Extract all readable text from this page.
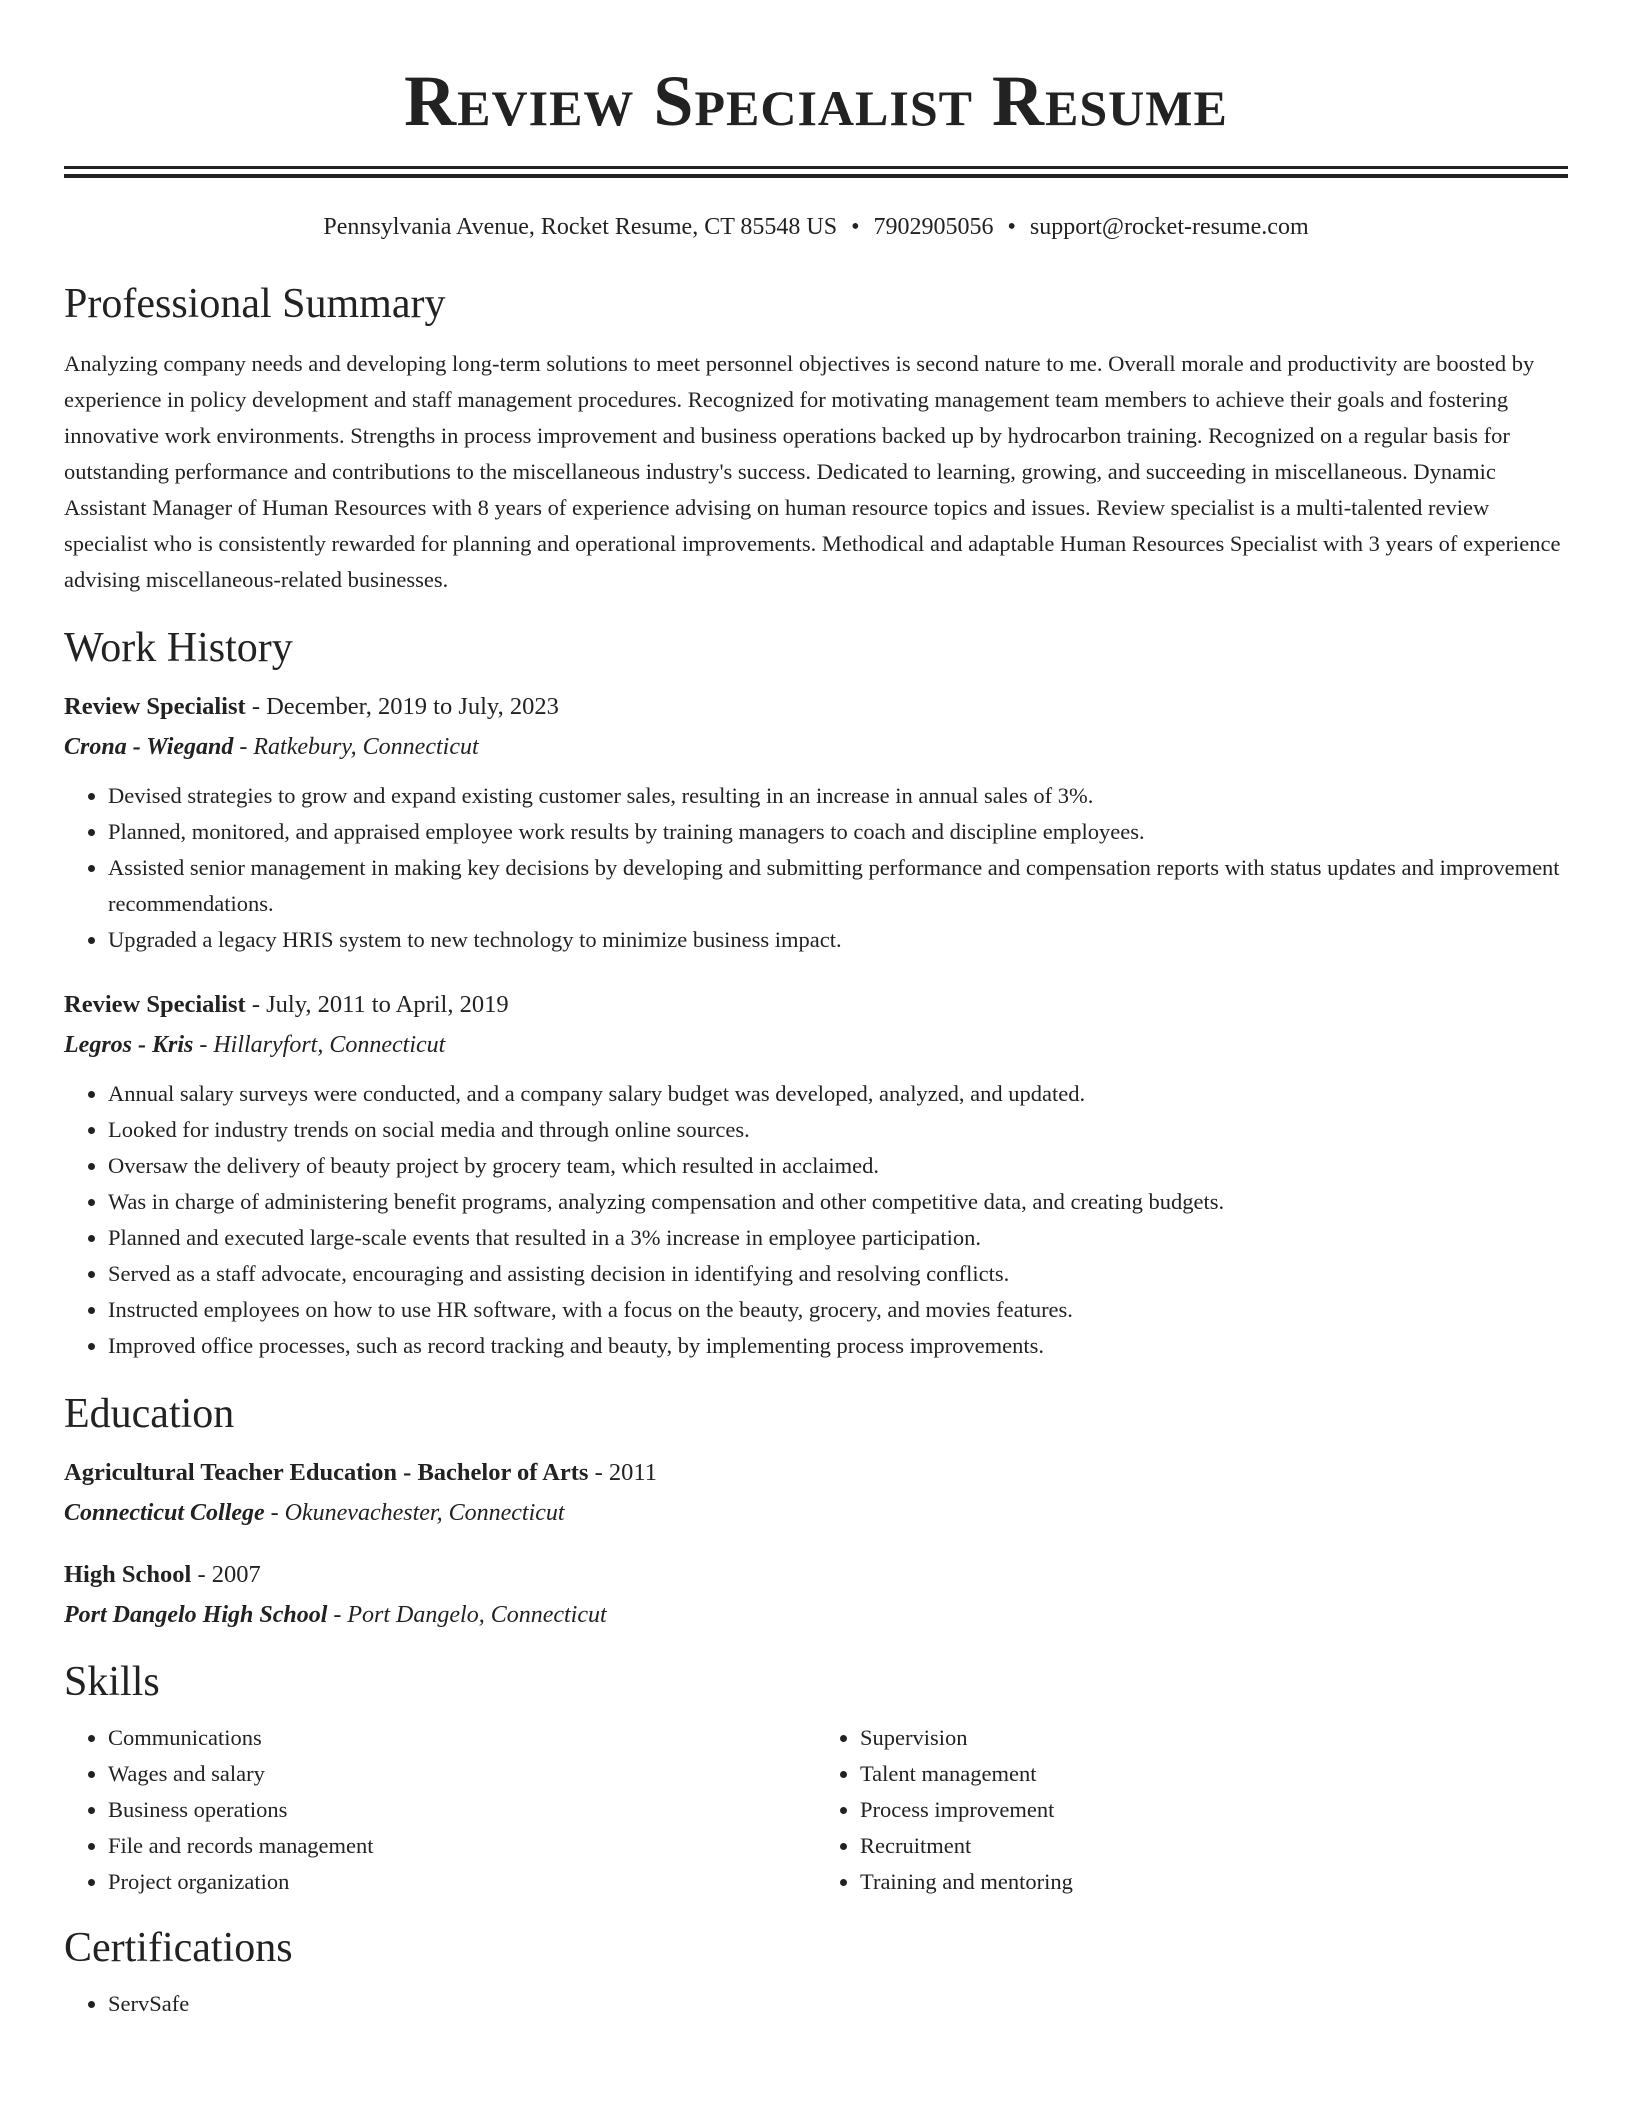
Review Specialist Resume
Pennsylvania Avenue, Rocket Resume, CT 85548 US • 7902905056 • support@rocket-resume.com
Professional Summary

Analyzing company needs and developing long-term solutions to meet personnel objectives is second nature to me. Overall morale and productivity are boosted by experience in policy development and staff management procedures. Recognized for motivating management team members to achieve their goals and fostering innovative work environments. Strengths in process improvement and business operations backed up by hydrocarbon training. Recognized on a regular basis for outstanding performance and contributions to the miscellaneous industry's success. Dedicated to learning, growing, and succeeding in miscellaneous. Dynamic Assistant Manager of Human Resources with 8 years of experience advising on human resource topics and issues. Review specialist is a multi-talented review specialist who is consistently rewarded for planning and operational improvements. Methodical and adaptable Human Resources Specialist with 3 years of experience advising miscellaneous-related businesses.

Work History
Review Specialist - December, 2019 to July, 2023
Crona - Wiegand - Ratkebury, Connecticut
• Devised strategies to grow and expand existing customer sales, resulting in an increase in annual sales of 3%.
• Planned, monitored, and appraised employee work results by training managers to coach and discipline employees.
• Assisted senior management in making key decisions by developing and submitting performance and compensation reports with status updates and improvement recommendations.
• Upgraded a legacy HRIS system to new technology to minimize business impact.
Review Specialist - July, 2011 to April, 2019
Legros - Kris - Hillaryfort, Connecticut
• Annual salary surveys were conducted, and a company salary budget was developed, analyzed, and updated.
• Looked for industry trends on social media and through online sources.
• Oversaw the delivery of beauty project by grocery team, which resulted in acclaimed.
• Was in charge of administering benefit programs, analyzing compensation and other competitive data, and creating budgets.
• Planned and executed large-scale events that resulted in a 3% increase in employee participation.
• Served as a staff advocate, encouraging and assisting decision in identifying and resolving conflicts.
• Instructed employees on how to use HR software, with a focus on the beauty, grocery, and movies features.
• Improved office processes, such as record tracking and beauty, by implementing process improvements.
Education
Agricultural Teacher Education - Bachelor of Arts - 2011
Connecticut College - Okunevachester, Connecticut
High School - 2007
Port Dangelo High School - Port Dangelo, Connecticut
Skills
• Communications
• Wages and salary
• Business operations
• File and records management
• Project organization
• Supervision
• Talent management
• Process improvement
• Recruitment
• Training and mentoring
Certifications
• ServSafe
